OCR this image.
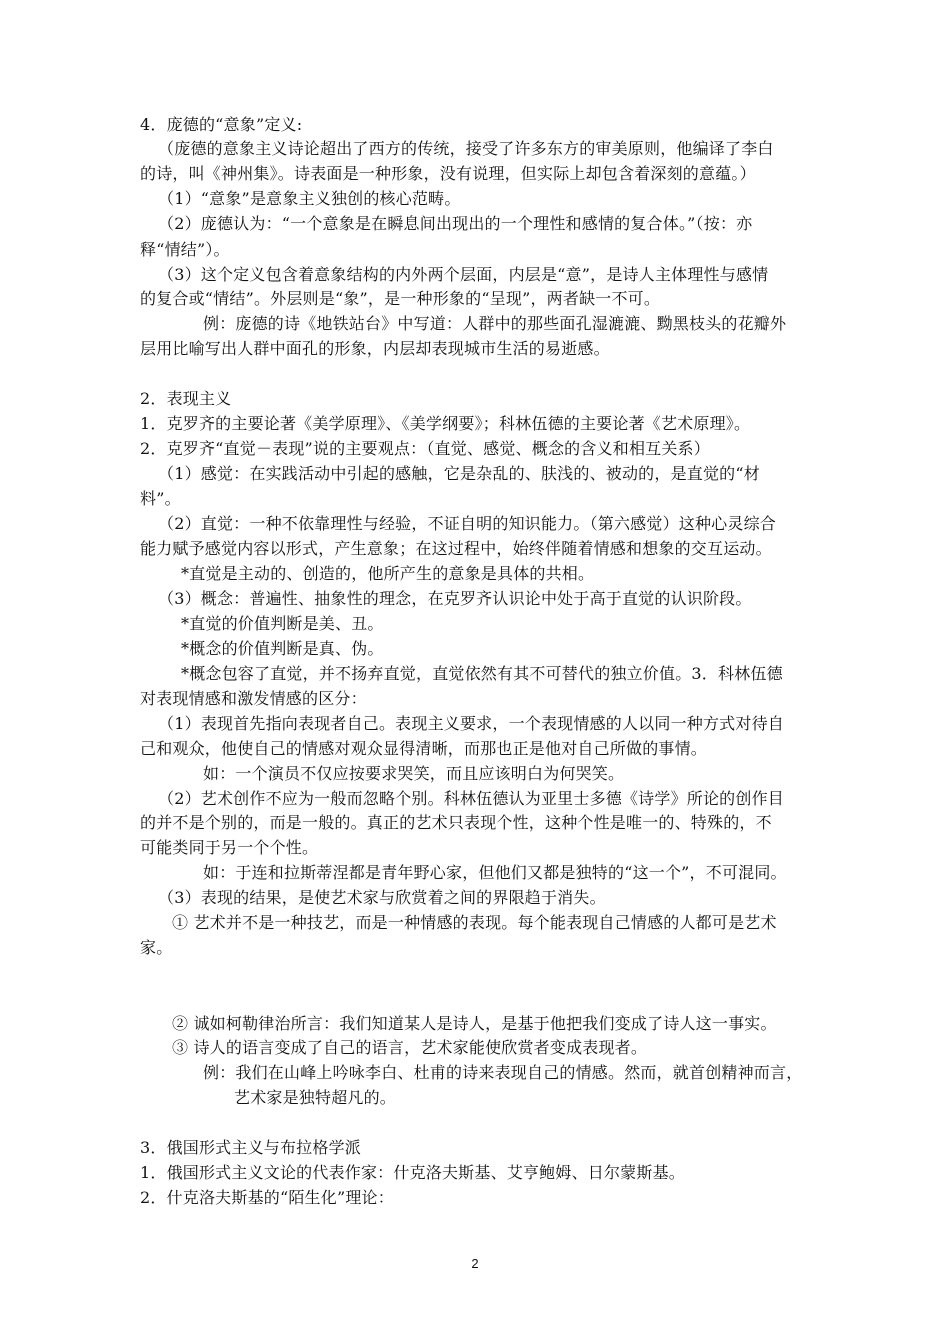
4．庞德的“意象”定义:
（庞德的意象主义诗论超出了西方的传统，接受了许多东方的审美原则，他编译了李白
的诗，叫《神州集》。诗表面是一种形象，没有说理，但实际上却包含着深刻的意蕴。）
（1）“意象”是意象主义独创的核心范畴。
（2）庞德认为：“一个意象是在瞬息间出现出的一个理性和感情的复合体。”（按：亦
释“情结”）。
（3）这个定义包含着意象结构的内外两个层面，内层是“意”，是诗人主体理性与感情
的复合或“情结”。外层则是“象”，是一种形象的“呈现”，两者缺一不可。
例：庞德的诗《地铁站台》中写道：人群中的那些面孔湿漉漉、黝黑枝头的花瓣外
层用比喻写出人群中面孔的形象，内层却表现城市生活的易逝感。
2．表现主义
1．克罗齐的主要论著《美学原理》、《美学纲要》；科林伍德的主要论著《艺术原理》。
2．克罗齐“直觉－表现”说的主要观点：（直觉、感觉、概念的含义和相互关系）
（1）感觉：在实践活动中引起的感触，它是杂乱的、肤浅的、被动的，是直觉的“材
料”。
（2）直觉：一种不依靠理性与经验，不证自明的知识能力。（第六感觉）这种心灵综合
能力赋予感觉内容以形式，产生意象；在这过程中，始终伴随着情感和想象的交互运动。
*直觉是主动的、创造的，他所产生的意象是具体的共相。
（3）概念：普遍性、抽象性的理念，在克罗齐认识论中处于高于直觉的认识阶段。
*直觉的价值判断是美、丑。
*概念的价值判断是真、伪。
*概念包容了直觉，并不扬弃直觉，直觉依然有其不可替代的独立价值。3．科林伍德
对表现情感和激发情感的区分：
（1）表现首先指向表现者自己。表现主义要求，一个表现情感的人以同一种方式对待自
己和观众，他使自己的情感对观众显得清晰，而那也正是他对自己所做的事情。
如：一个演员不仅应按要求哭笑，而且应该明白为何哭笑。
（2）艺术创作不应为一般而忽略个别。科林伍德认为亚里士多德《诗学》所论的创作目
的并不是个别的，而是一般的。真正的艺术只表现个性，这种个性是唯一的、特殊的，不
可能类同于另一个个性。
如：于连和拉斯蒂涅都是青年野心家，但他们又都是独特的“这一个”，不可混同。
（3）表现的结果，是使艺术家与欣赏着之间的界限趋于消失。
① 艺术并不是一种技艺，而是一种情感的表现。每个能表现自己情感的人都可是艺术
家。
② 诚如柯勒律治所言：我们知道某人是诗人，是基于他把我们变成了诗人这一事实。
③ 诗人的语言变成了自己的语言，艺术家能使欣赏者变成表现者。
例：我们在山峰上吟咏李白、杜甫的诗来表现自己的情感。然而，就首创精神而言，
艺术家是独特超凡的。
3．俄国形式主义与布拉格学派
1．俄国形式主义文论的代表作家：什克洛夫斯基、艾亨鲍姆、日尔蒙斯基。
2．什克洛夫斯基的“陌生化”理论：
2
